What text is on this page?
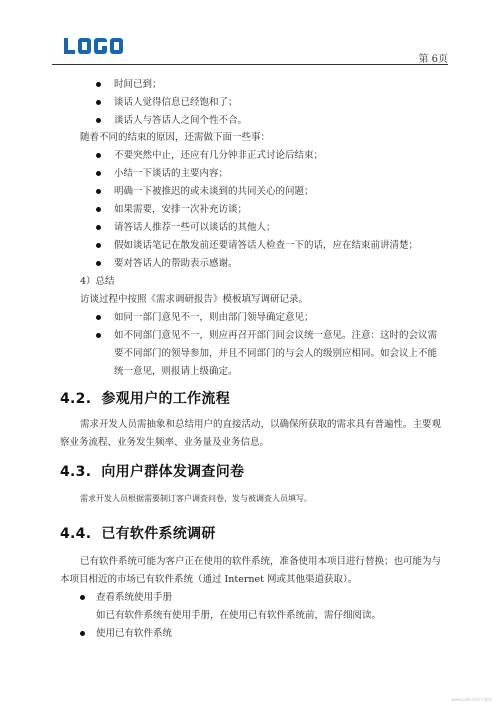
第 6页
时间已到；
谈话人觉得信息已经饱和了；
谈话人与答话人之间个性不合。
随着不同的结束的原因，还需做下面一些事：
不要突然中止，还应有几分钟非正式讨论后结束；
小结一下谈话的主要内容；
明确一下被推迟的或未谈到的共同关心的问题；
如果需要，安排一次补充访谈；
请答话人推荐一些可以谈话的其他人；
假如谈话笔记在散发前还要请答话人检查一下的话，应在结束前讲清楚；
要对答话人的帮助表示感谢。
4）总结
访谈过程中按照《需求调研报告》模板填写调研记录。
如同一部门意见不一，则由部门领导确定意见；
如不同部门意见不一，则应再召开部门间会议统一意见。注意：这时的会议需
要不同部门的领导参加，并且不同部门的与会人的级别应相同。如会议上不能
统一意见，则报请上级确定。
4.2. 参观用户的工作流程
需求开发人员需抽象和总结用户的直接活动，以确保所获取的需求具有普遍性。主要观
察业务流程、业务发生频率、业务量及业务信息。
4.3. 向用户群体发调查问卷
需求开发人员根据需要制订客户调查问卷，发与被调查人员填写。
4.4. 已有软件系统调研
已有软件系统可能为客户正在使用的软件系统，准备使用本项目进行替换；也可能为与
本项目相近的市场已有软件系统（通过 Internet 网或其他渠道获取）。
查看系统使用手册
如已有软件系统有使用手册，在使用已有软件系统前，需仔细阅读。
使用已有软件系统
www.com·资料下载站
